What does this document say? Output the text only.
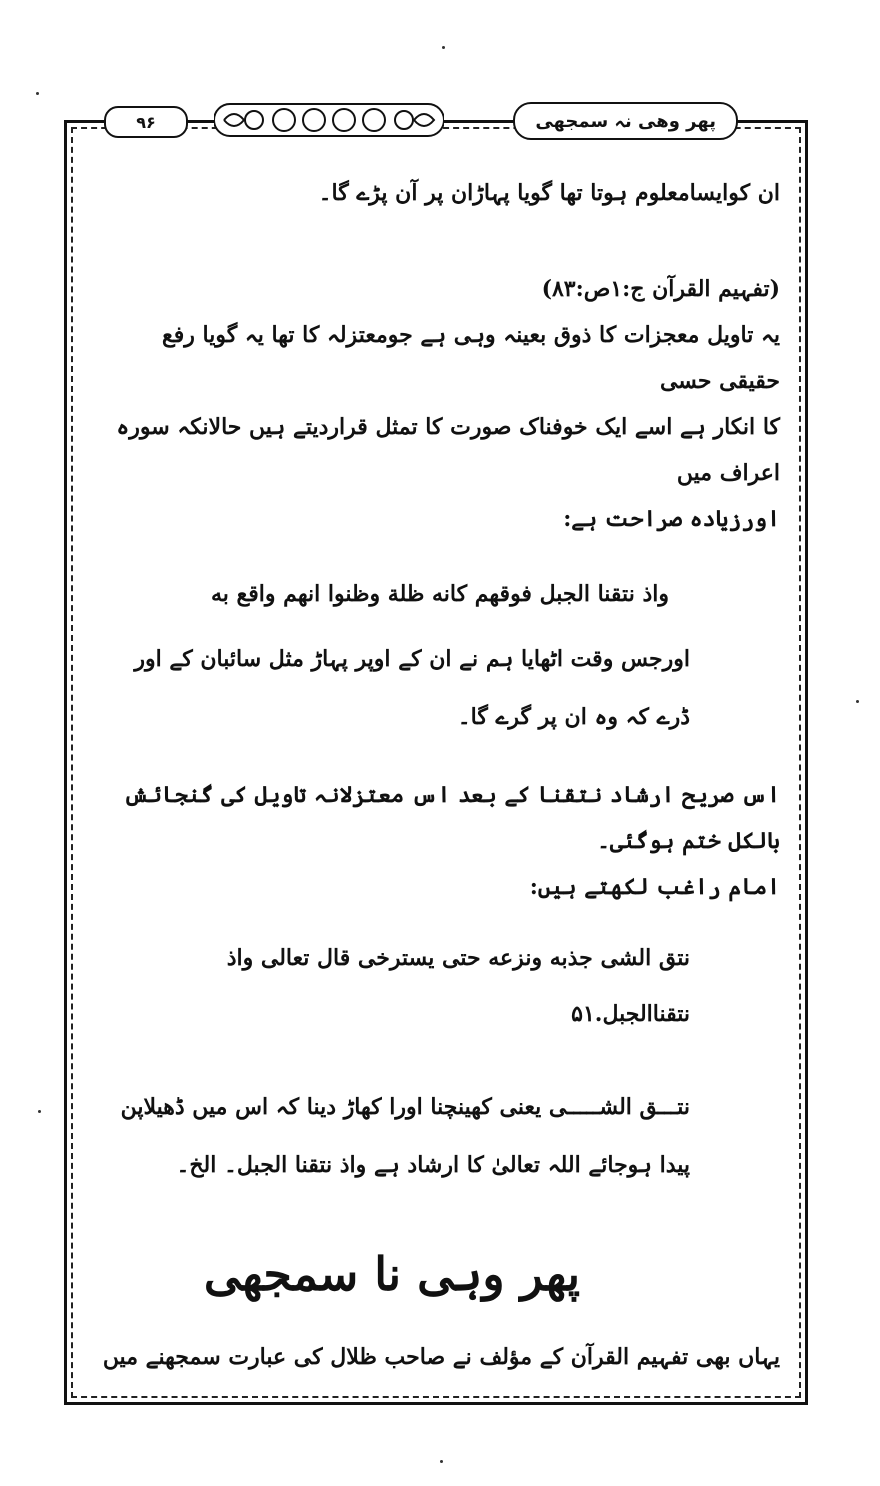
۹۶	پھر وھی نہ سمجھی

ان کوایسامعلوم ہوتا تھا گویا پہاڑان پر آن پڑے گا۔

(تفہیم القرآن ج:۱ص:۸۳)

یہ تاویل معجزات کا ذوق بعینہ وہی ہے جومعتزلہ کا تھا یہ گویا رفع حقیقی حسی

کا انکار ہے اسے ایک خوفناک صورت کا تمثل قراردیتے ہیں حالانکہ سورہ اعراف میں

اورزیادہ صراحت ہے:

واذ نتقنا الجبل فوقهم کانه ظلة وظنوا انهم واقع به

اورجس وقت اٹھایا ہم نے ان کے اوپر پہاڑ مثل سائبان کے اور

ڈرے کہ وہ ان پر گرے گا۔

اس صریح ارشاد نتقنا کے بعد اس معتزلانہ تاویل کی گنجائش بالکل ختم ہوگئی۔

امام راغب لکھتے ہیں:

نتق الشی جذبه ونزعه حتی یسترخی قال تعالی واذ

نتقناالجبل.۵۱

نتـــق الشـــــی یعنی کھینچنا اورا کھاڑ دینا کہ اس میں ڈھیلاپن

پیدا ہوجائے اللہ تعالیٰ کا ارشاد ہے واذ نتقنا الجبل۔ الخ۔

پھر وہی نا سمجھی

یہاں بھی تفہیم القرآن کے مؤلف نے صاحب ظلال کی عبارت سمجھنے میں
